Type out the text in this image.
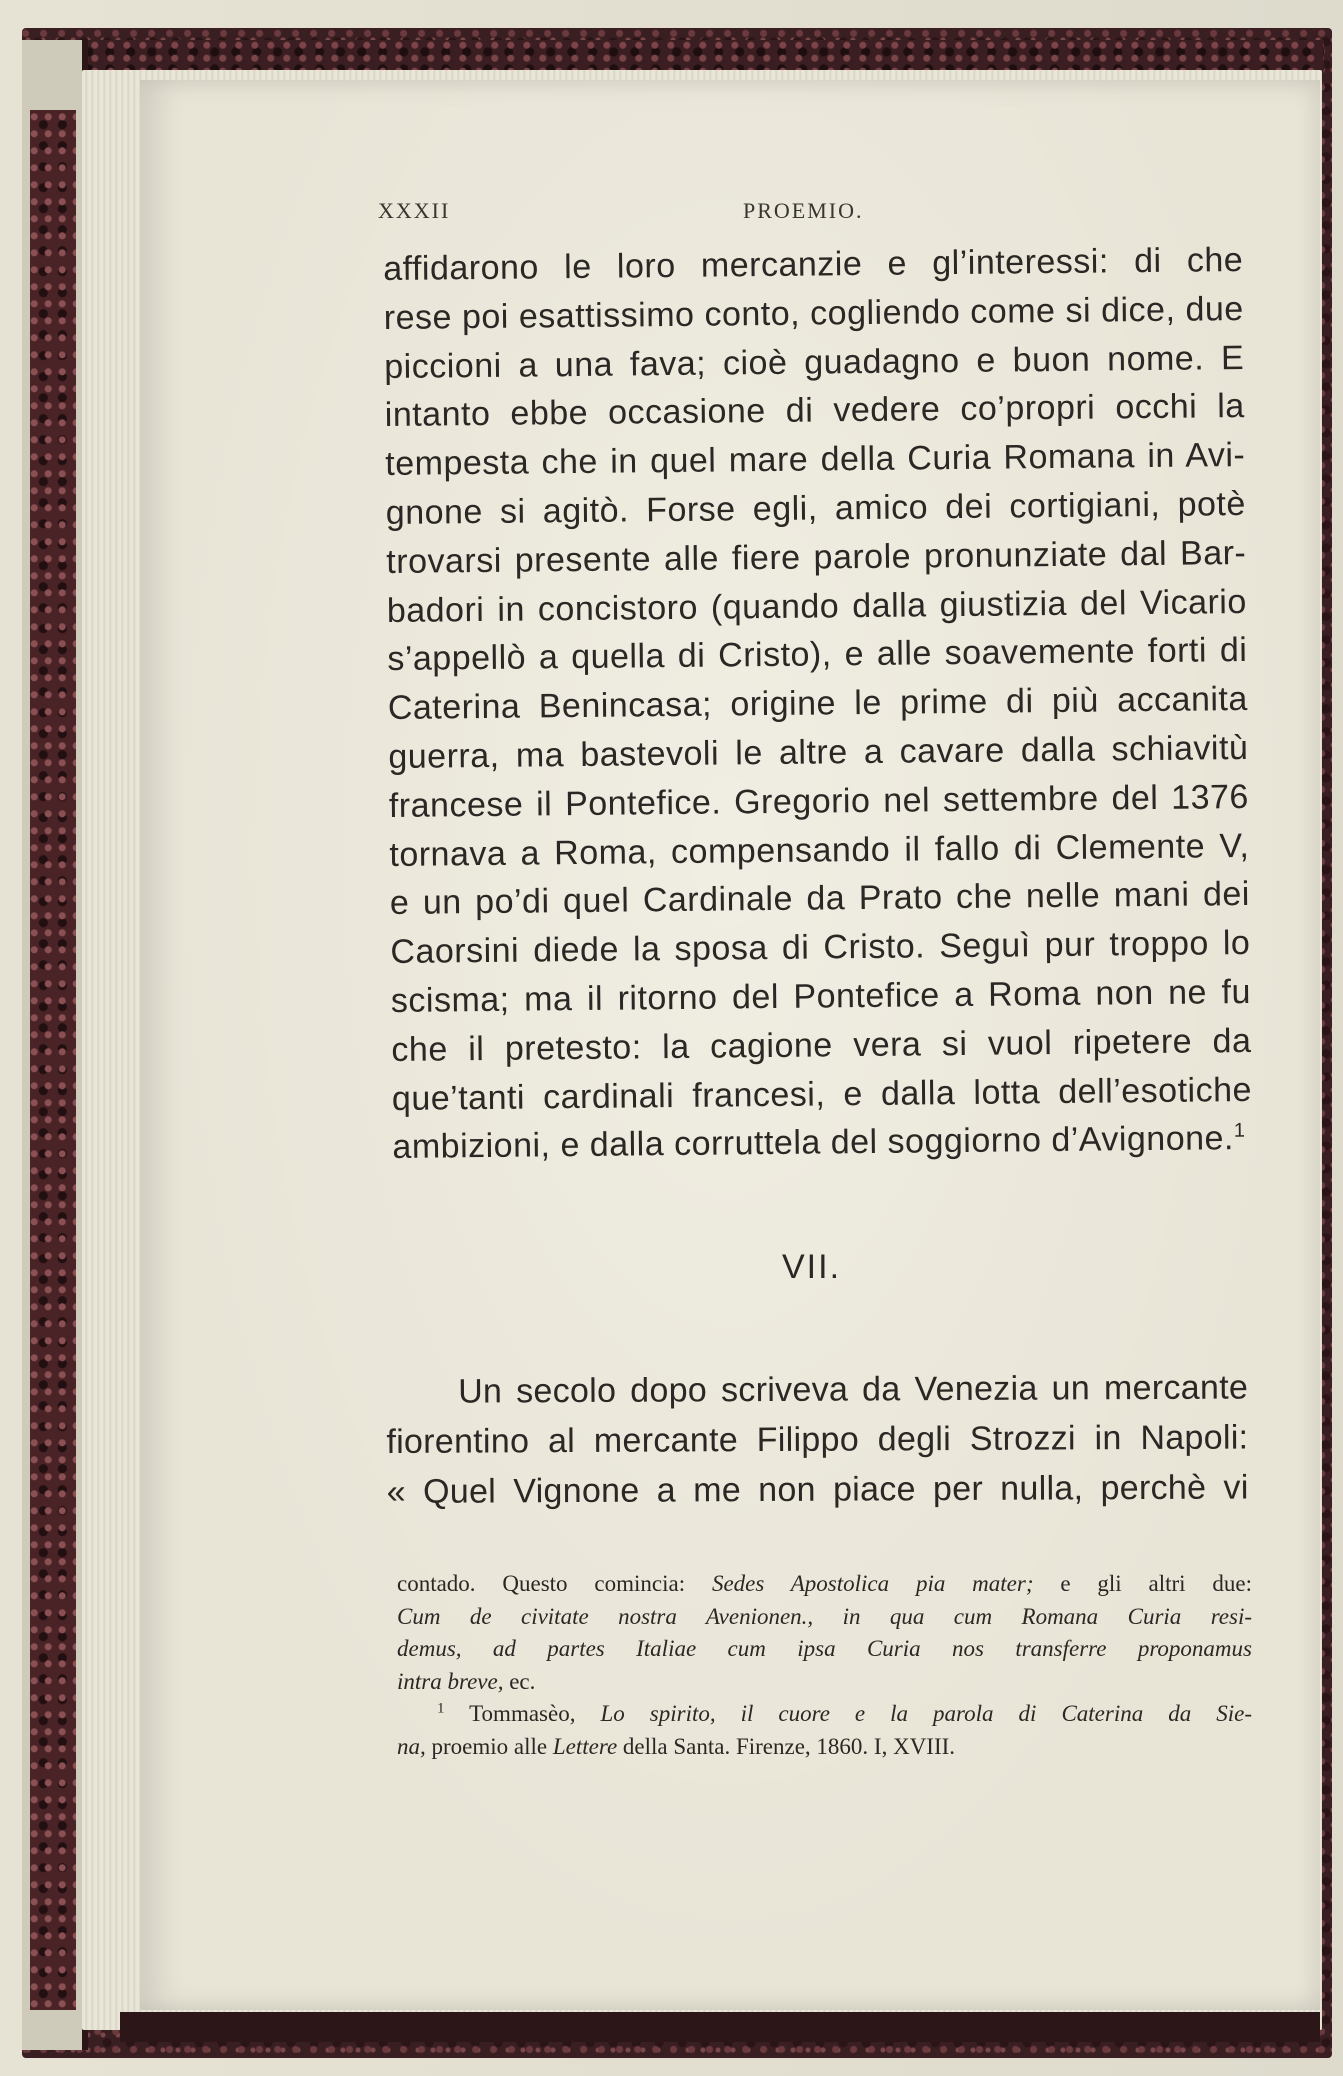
XXXII	PROEMIO.
affidarono le loro mercanzie e gl’interessi: di che
rese poi esattissimo conto, cogliendo come si dice, due
piccioni a una fava; cioè guadagno e buon nome. E
intanto ebbe occasione di vedere co’propri occhi la
tempesta che in quel mare della Curia Romana in Avi-
gnone si agitò. Forse egli, amico dei cortigiani, potè
trovarsi presente alle fiere parole pronunziate dal Bar-
badori in concistoro (quando dalla giustizia del Vicario
s’appellò a quella di Cristo), e alle soavemente forti di
Caterina Benincasa; origine le prime di più accanita
guerra, ma bastevoli le altre a cavare dalla schiavitù
francese il Pontefice. Gregorio nel settembre del 1376
tornava a Roma, compensando il fallo di Clemente V,
e un po’di quel Cardinale da Prato che nelle mani dei
Caorsini diede la sposa di Cristo. Seguì pur troppo lo
scisma; ma il ritorno del Pontefice a Roma non ne fu
che il pretesto: la cagione vera si vuol ripetere da
que’tanti cardinali francesi, e dalla lotta dell’esotiche
ambizioni, e dalla corruttela del soggiorno d’Avignone.$^1$
VII.
Un secolo dopo scriveva da Venezia un mercante
fiorentino al mercante Filippo degli Strozzi in Napoli:
« Quel Vignone a me non piace per nulla, perchè vi
contado. Questo comincia: Sedes Apostolica pia mater; e gli altri due:
Cum de civitate nostra Avenionen., in qua cum Romana Curia resi-
demus, ad partes Italiae cum ipsa Curia nos transferre proponamus
intra breve, ec.
$^1$ Tommasèo, Lo spirito, il cuore e la parola di Caterina da Sie-
na, proemio alle Lettere della Santa. Firenze, 1860. I, XVIII.
